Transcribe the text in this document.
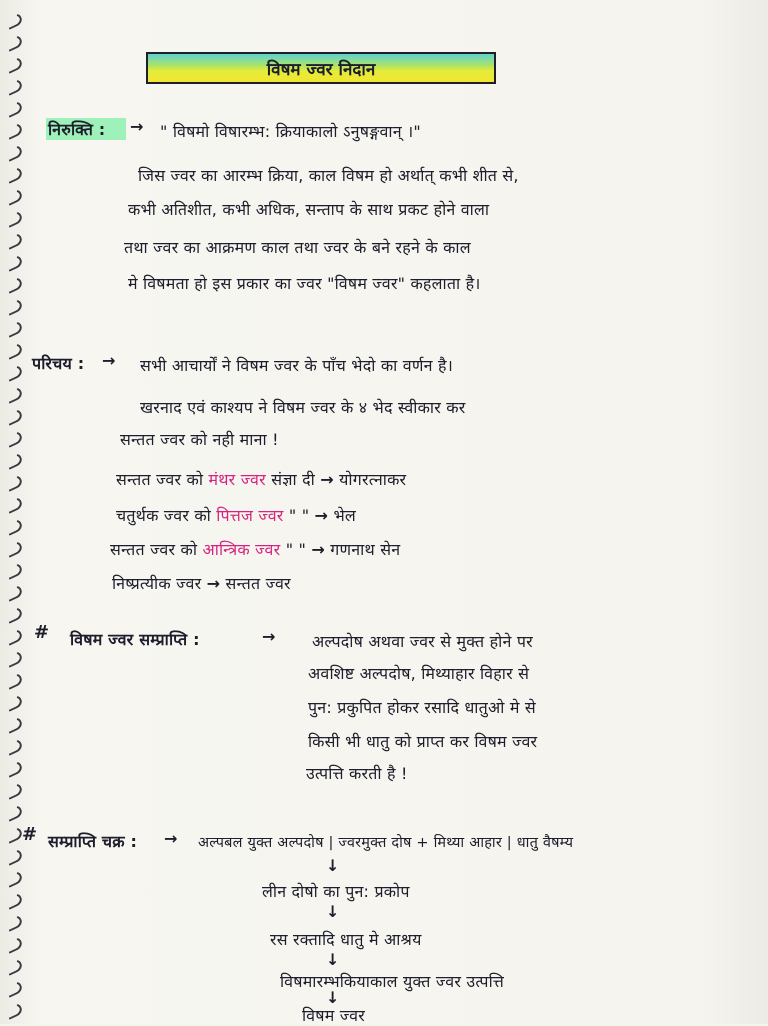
विषम ज्वर निदान
निरुक्ति : → " विषमो विषारम्भ: क्रियाकालो ऽनुषङ्गवान् ।"
जिस ज्वर का आरम्भ क्रिया, काल विषम हो अर्थात् कभी शीत से,
कभी अतिशीत, कभी अधिक, सन्ताप के साथ प्रकट होने वाला
तथा ज्वर का आक्रमण काल तथा ज्वर के बने रहने के काल
मे विषमता हो इस प्रकार का ज्वर "विषम ज्वर" कहलाता है।
परिचय : → सभी आचार्यों ने विषम ज्वर के पाँच भेदो का वर्णन है।
खरनाद एवं काश्यप ने विषम ज्वर के ४ भेद स्वीकार कर
सन्तत ज्वर को नही माना !
सन्तत ज्वर को मंथर ज्वर संज्ञा दी → योगरत्नाकर
चतुर्थक ज्वर को पित्तज ज्वर " " → भेल
सन्तत ज्वर को आन्त्रिक ज्वर " " → गणनाथ सेन
निष्प्रत्यीक ज्वर → सन्तत ज्वर
# विषम ज्वर सम्प्राप्ति :	→ अल्पदोष अथवा ज्वर से मुक्त होने पर
अवशिष्ट अल्पदोष, मिथ्याहार विहार से
पुन: प्रकुपित होकर रसादि धातुओ मे से
किसी भी धातु को प्राप्त कर विषम ज्वर
उत्पत्ति करती है !
# सम्प्राप्ति चक्र : → अल्पबल युक्त अल्पदोष | ज्वरमुक्त दोष + मिथ्या आहार | धातु वैषम्य
↓
लीन दोषो का पुन: प्रकोप
↓
रस रक्तादि धातु मे आश्रय
↓
विषमारम्भकियाकाल युक्त ज्वर उत्पत्ति
↓
विषम ज्वर
